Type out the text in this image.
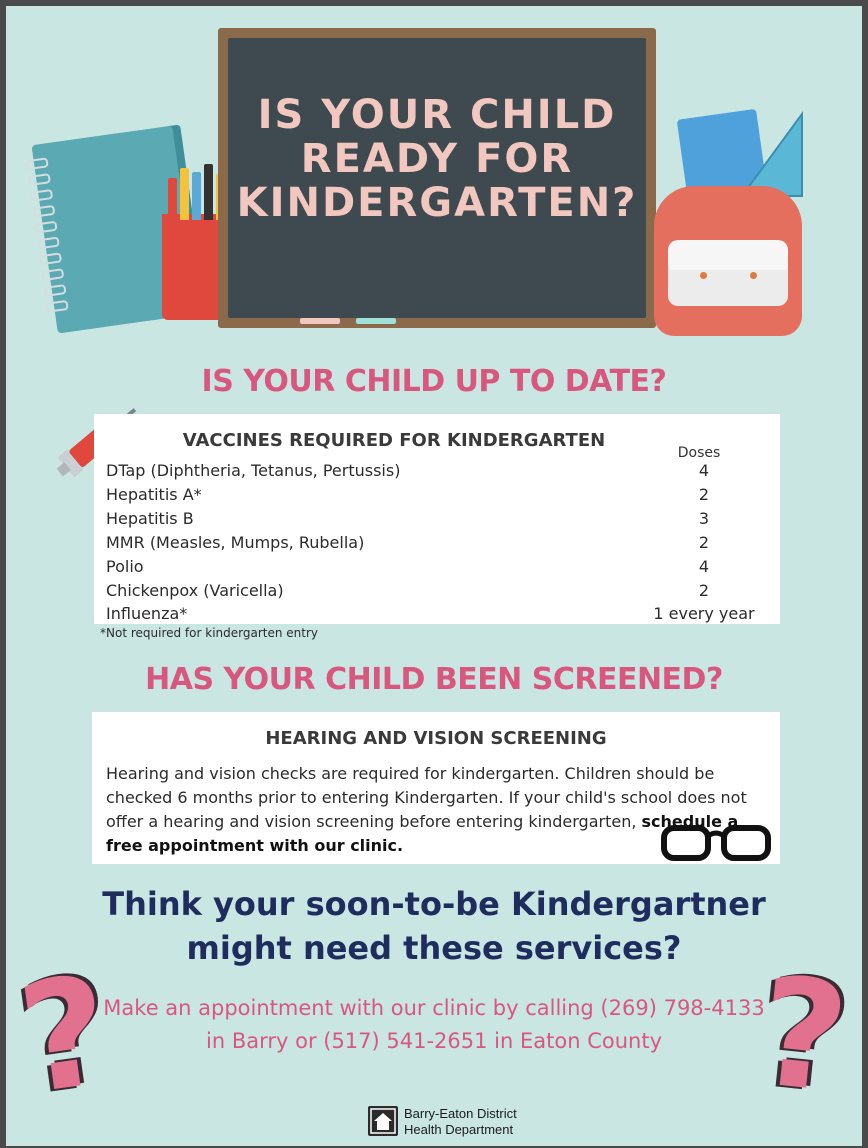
IS YOUR CHILD
READY FOR
KINDERGARTEN?
IS YOUR CHILD UP TO DATE?
VACCINES REQUIRED FOR KINDERGARTEN
Doses
DTap (Diphtheria, Tetanus, Pertussis)	4
Hepatitis A*	2
Hepatitis B	3
MMR (Measles, Mumps, Rubella)	2
Polio	4
Chickenpox (Varicella)	2
Influenza*	1 every year
*Not required for kindergarten entry
HAS YOUR CHILD BEEN SCREENED?
HEARING AND VISION SCREENING
Hearing and vision checks are required for kindergarten. Children should be checked 6 months prior to entering Kindergarten. If your child's school does not offer a hearing and vision screening before entering kindergarten, schedule a free appointment with our clinic.
Think your soon-to-be Kindergartner
might need these services?
?	?
Make an appointment with our clinic by calling (269) 798-4133
in Barry or (517) 541-2651 in Eaton County
Barry-Eaton District
Health Department
